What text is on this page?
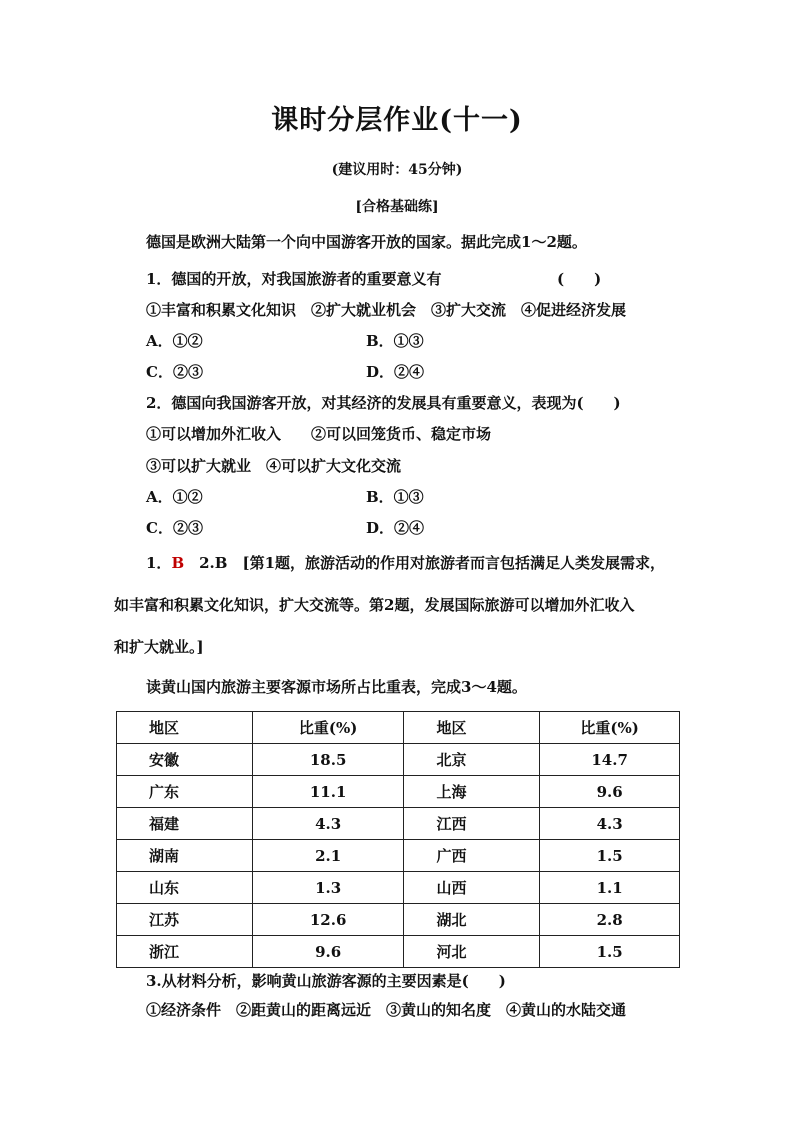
课时分层作业(十一)
(建议用时：45分钟)
[合格基础练]
德国是欧洲大陆第一个向中国游客开放的国家。据此完成1～2题。
1．德国的开放，对我国旅游者的重要意义有	(　　)
①丰富和积累文化知识　②扩大就业机会　③扩大交流　④促进经济发展
A．①②	B．①③
C．②③	D．②④
2．德国向我国游客开放，对其经济的发展具有重要意义，表现为(　　)
①可以增加外汇收入　　②可以回笼货币、稳定市场
③可以扩大就业　④可以扩大文化交流
A．①②	B．①③
C．②③	D．②④
1．B　2.B　[第1题，旅游活动的作用对旅游者而言包括满足人类发展需求，
如丰富和积累文化知识，扩大交流等。第2题，发展国际旅游可以增加外汇收入
和扩大就业。]
读黄山国内旅游主要客源市场所占比重表，完成3～4题。
地区	比重(%)	地区	比重(%)
安徽	18.5	北京	14.7
广东	11.1	上海	9.6
福建	4.3	江西	4.3
湖南	2.1	广西	1.5
山东	1.3	山西	1.1
江苏	12.6	湖北	2.8
浙江	9.6	河北	1.5
3.从材料分析，影响黄山旅游客源的主要因素是(　　)
①经济条件　②距黄山的距离远近　③黄山的知名度　④黄山的水陆交通
